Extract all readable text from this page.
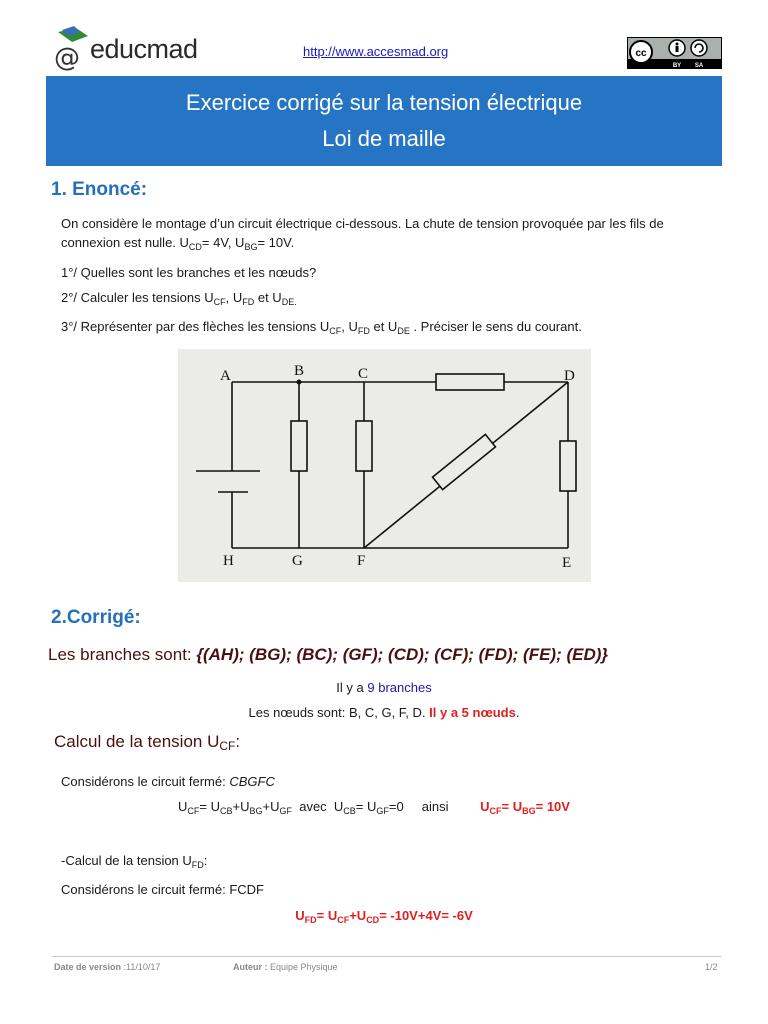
@ educmad	http://www.accesmad.org	cc
BY SA
Exercice corrigé sur la tension électrique
Loi de maille
1. Enoncé:
On considère le montage d’un circuit électrique ci-dessous. La chute de tension provoquée par les fils de
connexion est nulle. $U_{CD}= 4V$, $U_{BG}= 10V$.
1°/ Quelles sont les branches et les nœuds?
2°/ Calculer les tensions $U_{CF}$, $U_{FD}$ et $U_{DE.}$
3°/ Représenter par des flèches les tensions $U_{CF}$, $U_{FD}$ et $U_{DE}$ . Préciser le sens du courant.
A	B	C	D
H	G	F	E
2.Corrigé:
Les branches sont: {(AH); (BG); (BC); (GF); (CD); (CF); (FD); (FE); (ED)}
Il y a 9 branches
Les nœuds sont: B, C, G, F, D. Il y a 5 nœuds.
Calcul de la tension $U_{CF}$:
Considérons le circuit fermé: CBGFC
$U_{CF}= U_{CB}+U_{BG}+U_{GF}$  avec  $U_{CB}= U_{GF}=0$     ainsi $U_{CF}= U_{BG}= 10V$
-Calcul de la tension $U_{FD}$:
Considérons le circuit fermé: FCDF
$U_{FD}= U_{CF}+U_{CD}= -10V+4V= -6V$
Date de version :11/10/17	Auteur : Equipe Physique	1/2
